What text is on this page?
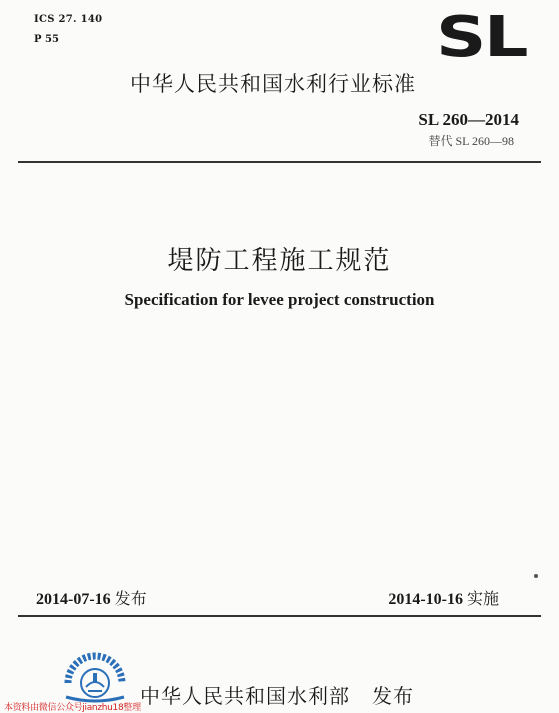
ICS 27. 140
P 55	SL
中华人民共和国水利行业标准
SL 260—2014
替代 SL 260—98
堤防工程施工规范
Specification for levee project construction
2014-07-16 发布	2014-10-16 实施
中华人民共和国水利部 发布
本资料由微信公众号jianzhu18整理
